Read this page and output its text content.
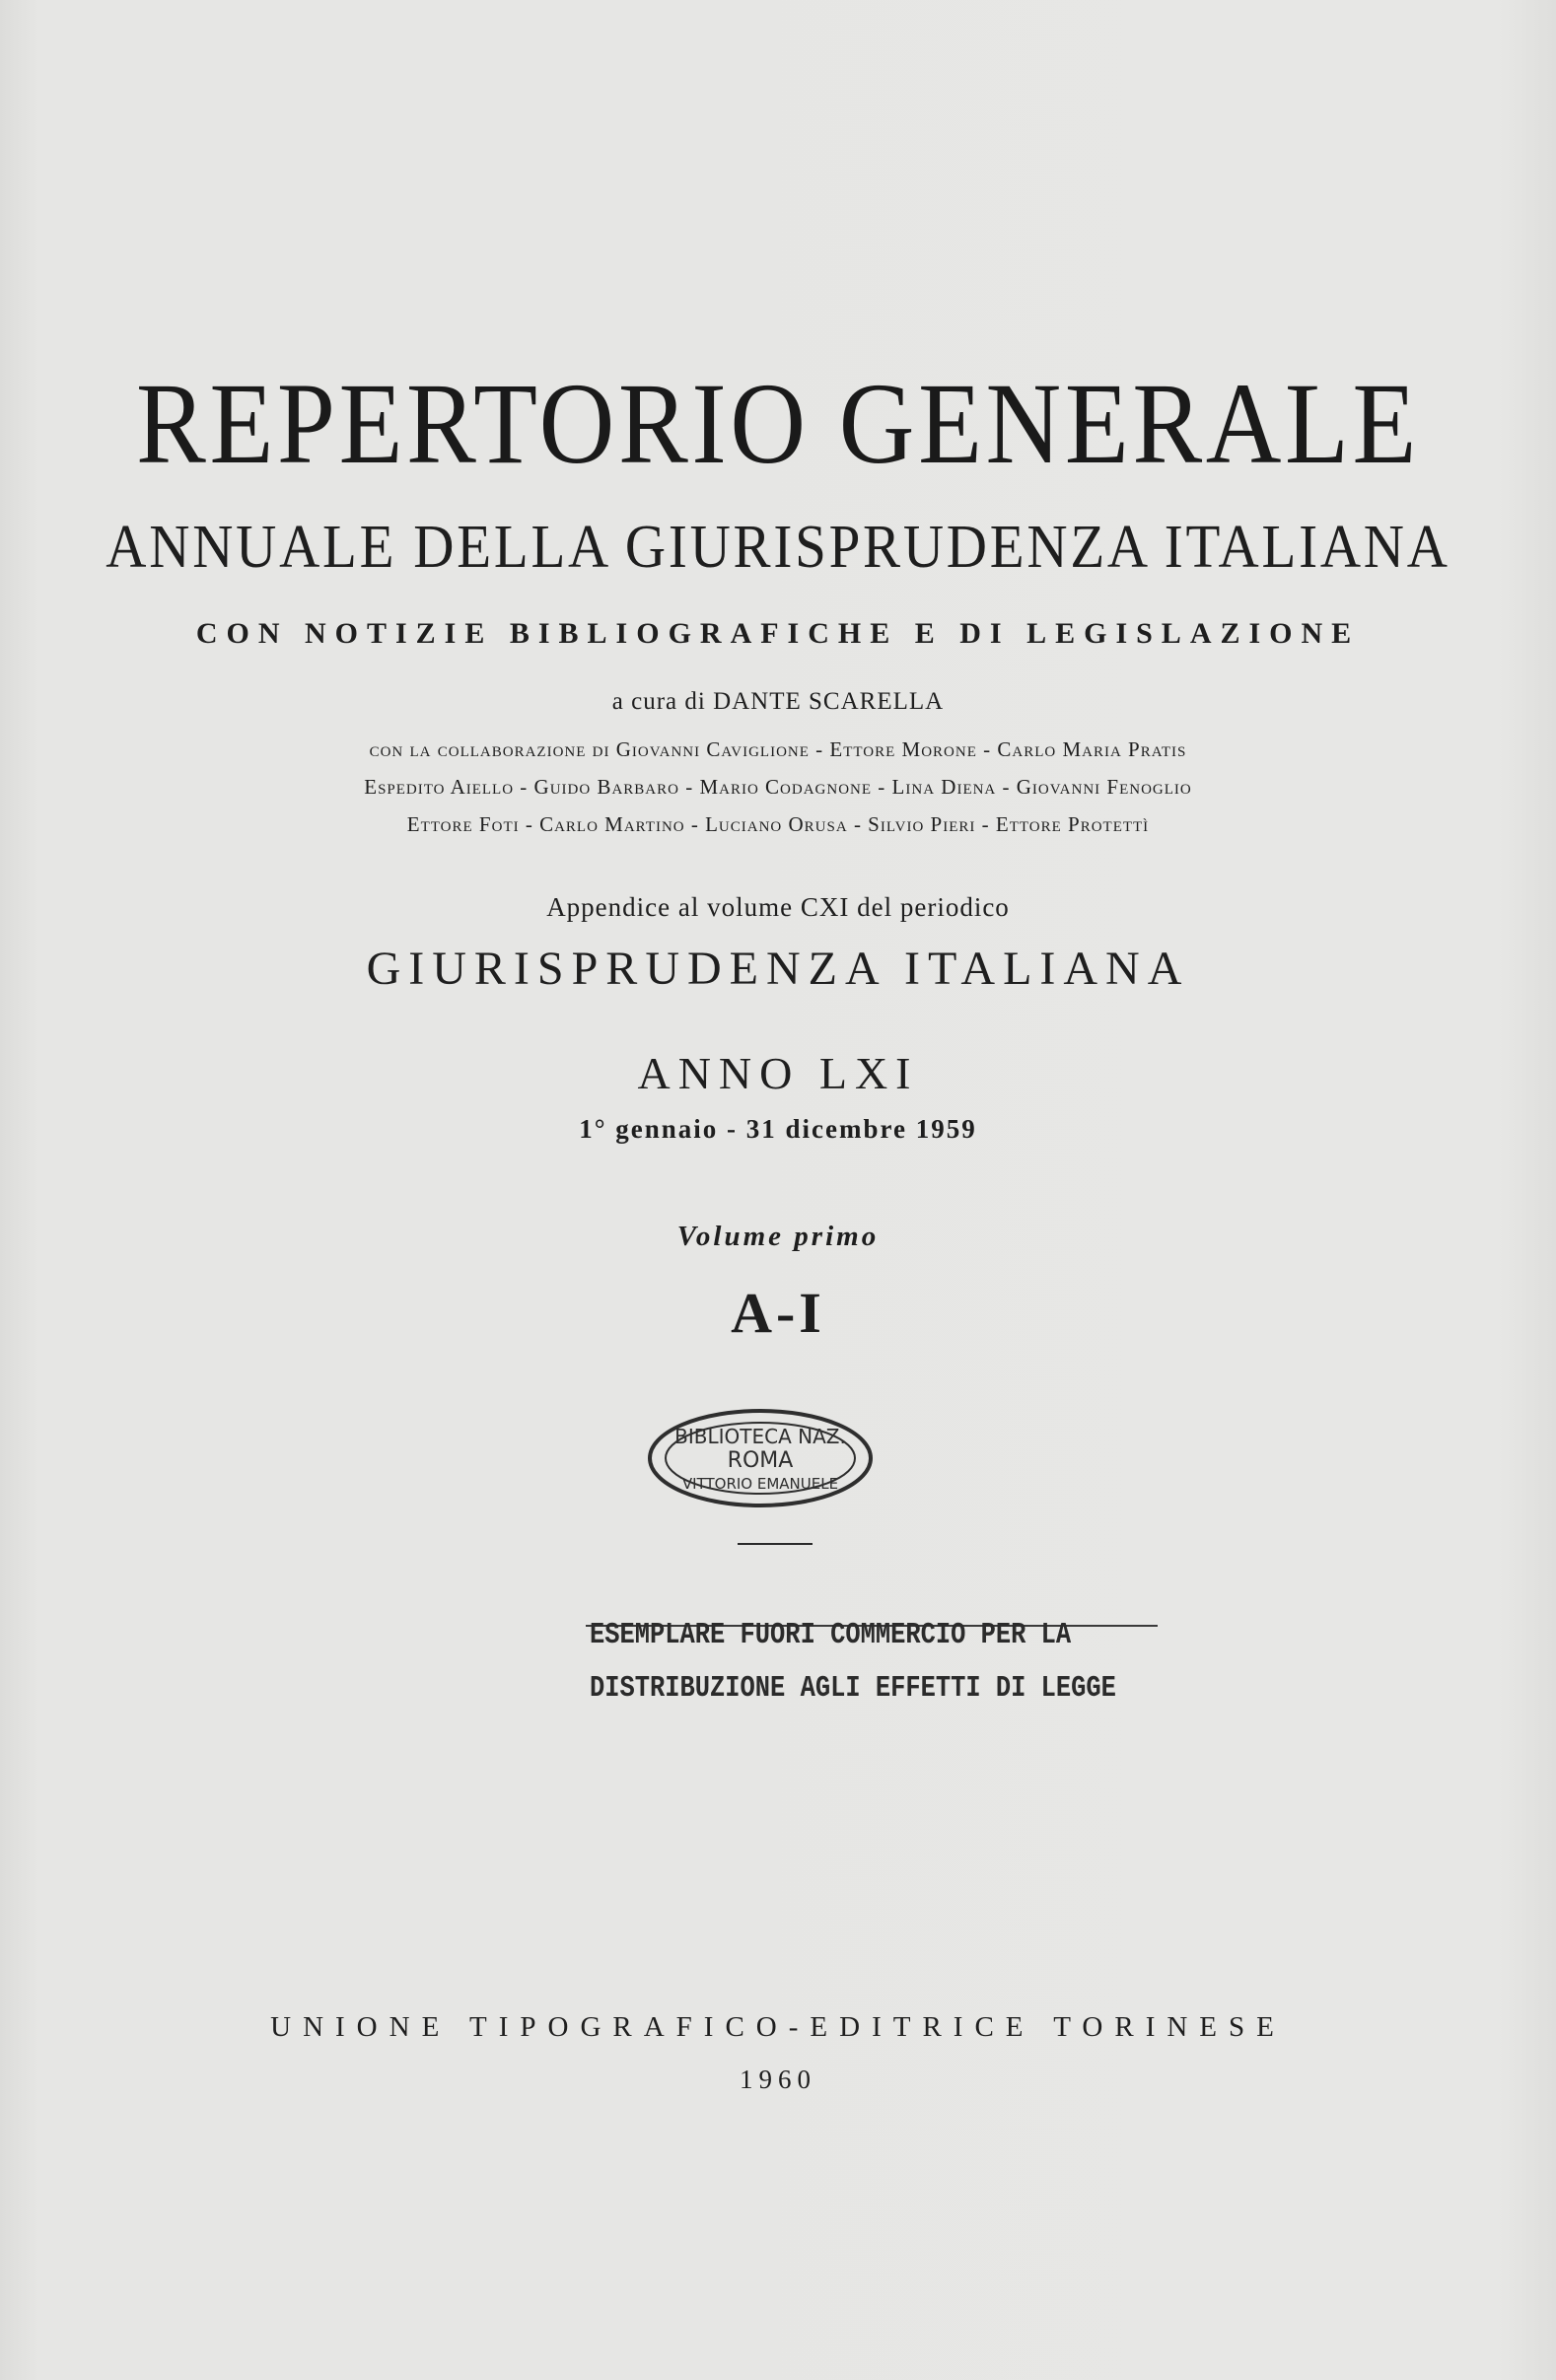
REPERTORIO GENERALE
ANNUALE DELLA GIURISPRUDENZA ITALIANA
CON NOTIZIE BIBLIOGRAFICHE E DI LEGISLAZIONE
a cura di DANTE SCARELLA
con la collaborazione di Giovanni Caviglione - Ettore Morone - Carlo Maria Pratis
Espedito Aiello - Guido Barbaro - Mario Codagnone - Lina Diena - Giovanni Fenoglio
Ettore Foti - Carlo Martino - Luciano Orusa - Silvio Pieri - Ettore Protettì
Appendice al volume CXI del periodico
GIURISPRUDENZA ITALIANA
ANNO LXI
1° gennaio - 31 dicembre 1959
Volume primo
A-I
BIBLIOTECA NAZ.
ROMA
VITTORIO EMANUELE
ESEMPLARE FUORI COMMERCIO PER LA
DISTRIBUZIONE AGLI EFFETTI DI LEGGE
UNIONE TIPOGRAFICO-EDITRICE TORINESE
1960
